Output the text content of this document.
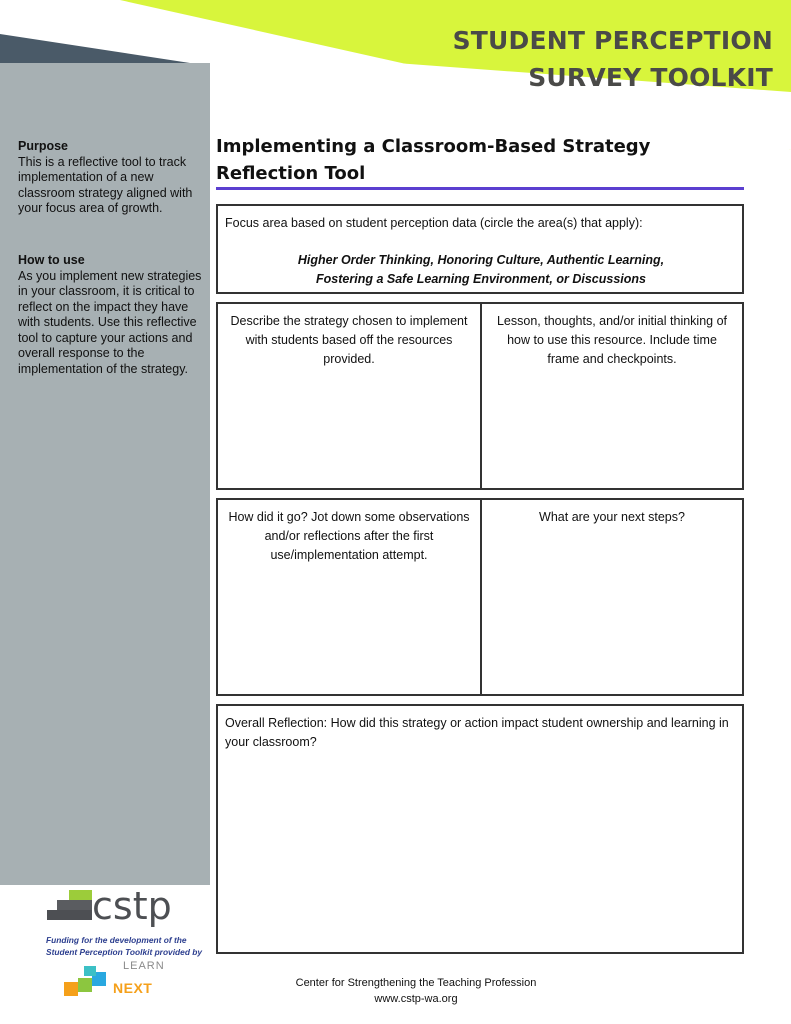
STUDENT PERCEPTION
SURVEY TOOLKIT
Purpose
This is a reflective tool to track implementation of a new classroom strategy aligned with your focus area of growth.
How to use
As you implement new strategies in your classroom, it is critical to reflect on the impact they have with students. Use this reflective tool to capture your actions and overall response to the implementation of the strategy.
Implementing a Classroom-Based Strategy
Reflection Tool
Focus area based on student perception data (circle the area(s) that apply):
Higher Order Thinking, Honoring Culture, Authentic Learning,
Fostering a Safe Learning Environment, or Discussions
Describe the strategy chosen to implement with students based off the resources provided.
Lesson, thoughts, and/or initial thinking of how to use this resource. Include time frame and checkpoints.
How did it go? Jot down some observations and/or reflections after the first use/implementation attempt.
What are your next steps?
Overall Reflection: How did this strategy or action impact student ownership and learning in your classroom?
cstp
Funding for the development of the
Student Perception Toolkit provided by
LEARN
NEXT	Center for Strengthening the Teaching Profession
www.cstp-wa.org
